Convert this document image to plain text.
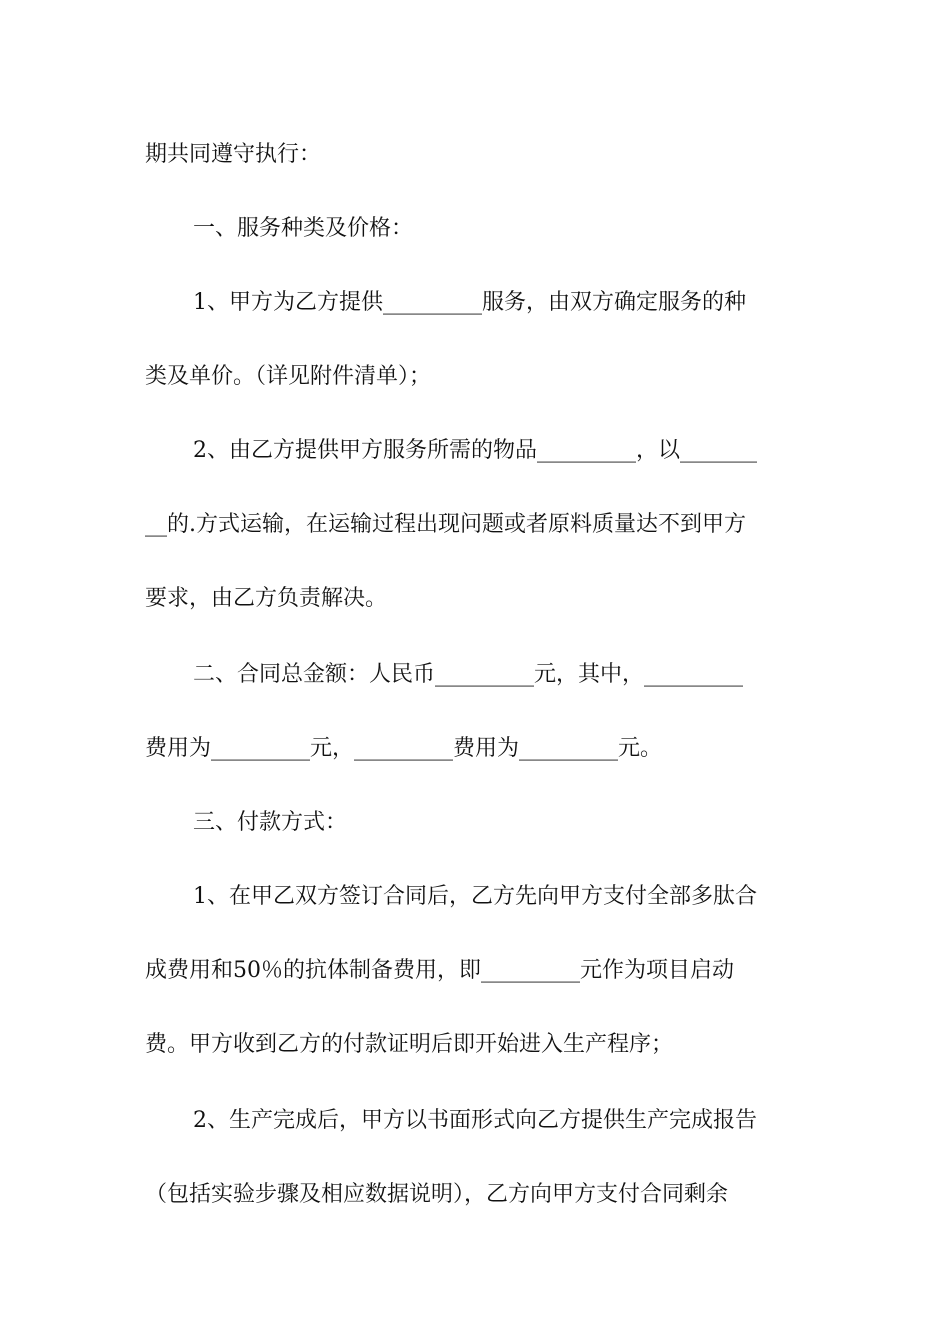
期共同遵守执行：
一、服务种类及价格：
1、甲方为乙方提供_________服务，由双方确定服务的种
类及单价。（详见附件清单）；
2、由乙方提供甲方服务所需的物品_________，以_______
__的.方式运输，在运输过程出现问题或者原料质量达不到甲方
要求，由乙方负责解决。
二、合同总金额：人民币_________元，其中，_________
费用为_________元，_________费用为_________元。
三、付款方式：
1、在甲乙双方签订合同后，乙方先向甲方支付全部多肽合
成费用和50％的抗体制备费用，即_________元作为项目启动
费。甲方收到乙方的付款证明后即开始进入生产程序；
2、生产完成后，甲方以书面形式向乙方提供生产完成报告
（包括实验步骤及相应数据说明），乙方向甲方支付合同剩余
